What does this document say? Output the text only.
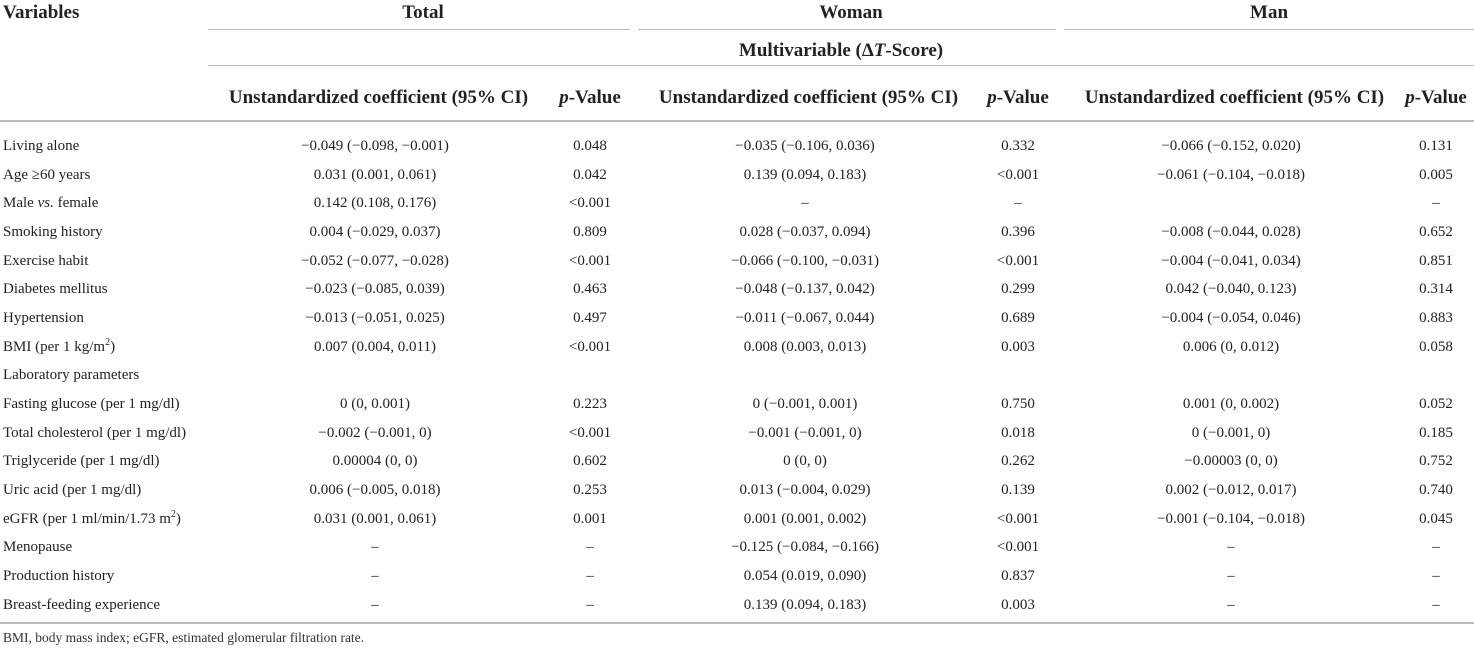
Variables	Total		Woman		Man	
	Multivariable (ΔT-Score)					
	Unstandardized coefficient (95% CI)	p-Value	Unstandardized coefficient (95% CI)	p-Value	Unstandardized coefficient (95% CI)	p-Value
Living alone	−0.049 (−0.098, −0.001)	0.048	−0.035 (−0.106, 0.036)	0.332	−0.066 (−0.152, 0.020)	0.131
Age ≥60 years	0.031 (0.001, 0.061)	0.042	0.139 (0.094, 0.183)	<0.001	−0.061 (−0.104, −0.018)	0.005
Male vs. female	0.142 (0.108, 0.176)	<0.001	–	–		–
Smoking history	0.004 (−0.029, 0.037)	0.809	0.028 (−0.037, 0.094)	0.396	−0.008 (−0.044, 0.028)	0.652
Exercise habit	−0.052 (−0.077, −0.028)	<0.001	−0.066 (−0.100, −0.031)	<0.001	−0.004 (−0.041, 0.034)	0.851
Diabetes mellitus	−0.023 (−0.085, 0.039)	0.463	−0.048 (−0.137, 0.042)	0.299	0.042 (−0.040, 0.123)	0.314
Hypertension	−0.013 (−0.051, 0.025)	0.497	−0.011 (−0.067, 0.044)	0.689	−0.004 (−0.054, 0.046)	0.883
BMI (per 1 $kg/m^2$)	0.007 (0.004, 0.011)	<0.001	0.008 (0.003, 0.013)	0.003	0.006 (0, 0.012)	0.058
Laboratory parameters						
Fasting glucose (per 1 mg/dl)	0 (0, 0.001)	0.223	0 (−0.001, 0.001)	0.750	0.001 (0, 0.002)	0.052
Total cholesterol (per 1 mg/dl)	−0.002 (−0.001, 0)	<0.001	−0.001 (−0.001, 0)	0.018	0 (−0.001, 0)	0.185
Triglyceride (per 1 mg/dl)	0.00004 (0, 0)	0.602	0 (0, 0)	0.262	−0.00003 (0, 0)	0.752
Uric acid (per 1 mg/dl)	0.006 (−0.005, 0.018)	0.253	0.013 (−0.004, 0.029)	0.139	0.002 (−0.012, 0.017)	0.740
eGFR (per 1 ml/min/1.73 $m^2$)	0.031 (0.001, 0.061)	0.001	0.001 (0.001, 0.002)	<0.001	−0.001 (−0.104, −0.018)	0.045
Menopause	–	–	−0.125 (−0.084, −0.166)	<0.001	–	–
Production history	–	–	0.054 (0.019, 0.090)	0.837	–	–
Breast-feeding experience	–	–	0.139 (0.094, 0.183)	0.003	–	–
BMI, body mass index; eGFR, estimated glomerular filtration rate.
